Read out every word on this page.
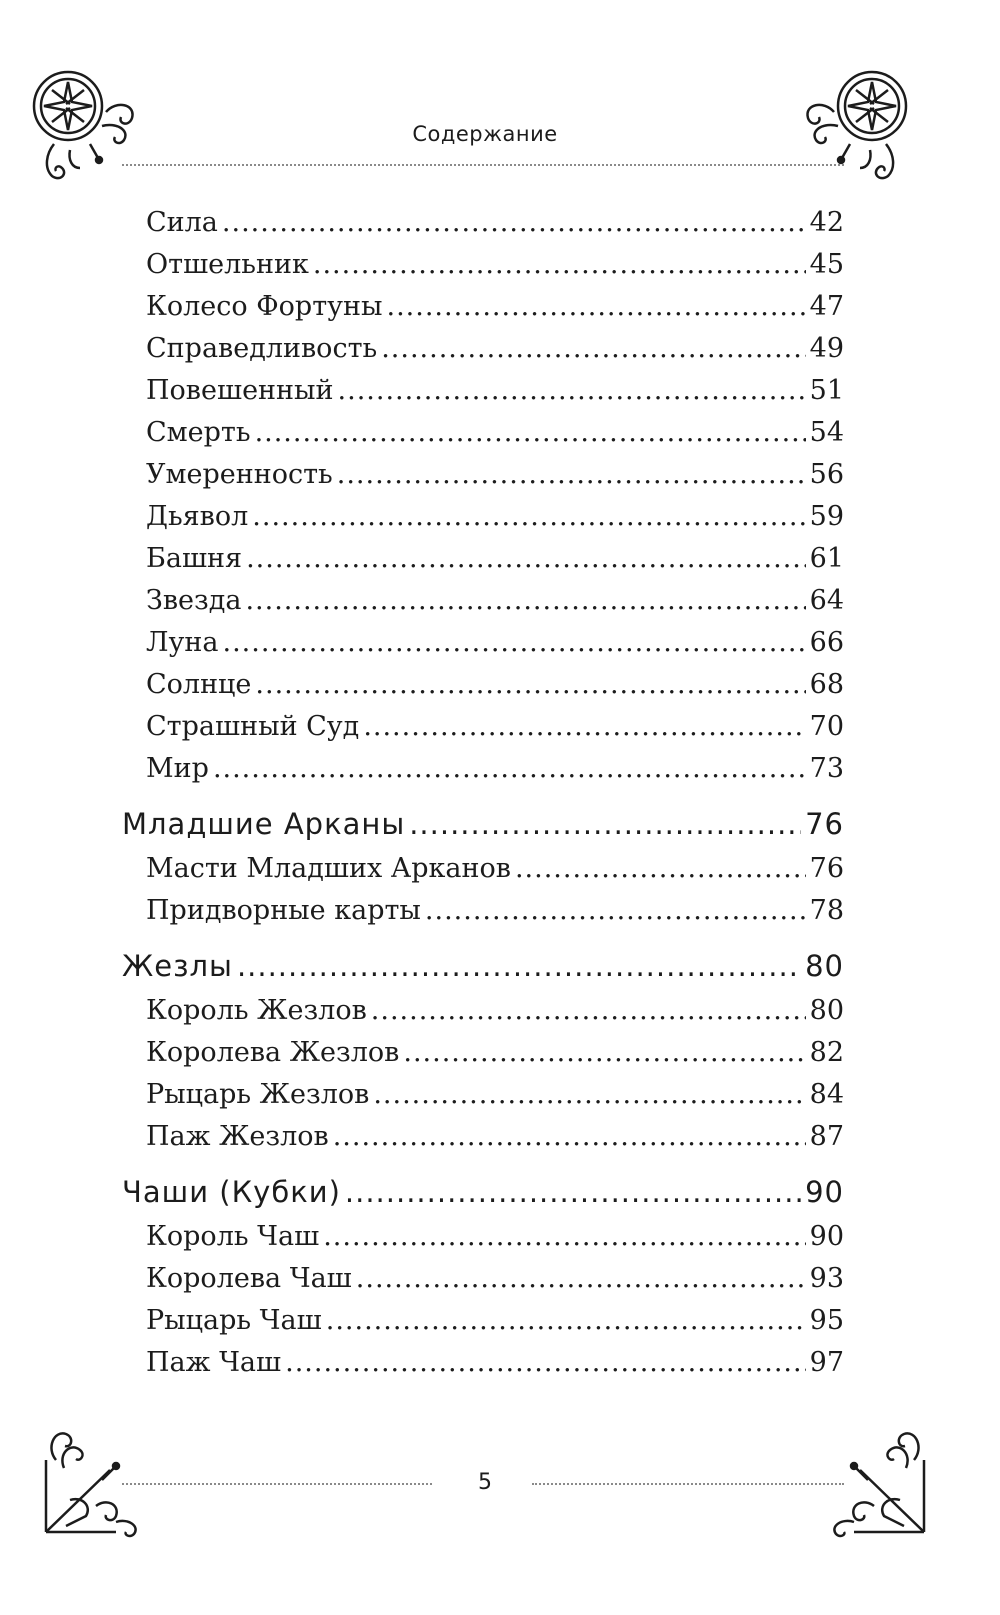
Содержание
Сила .....	42
Отшельник .....	45
Колесо Фортуны .....	47
Справедливость .....	49
Повешенный .....	51
Смерть .....	54
Умеренность .....	56
Дьявол .....	59
Башня .....	61
Звезда .....	64
Луна .....	66
Солнце .....	68
Страшный Суд .....	70
Мир .....	73
Младшие Арканы .....	76
Масти Младших Арканов .....	76
Придворные карты .....	78
Жезлы .....	80
Король Жезлов .....	80
Королева Жезлов .....	82
Рыцарь Жезлов .....	84
Паж Жезлов .....	87
Чаши (Кубки) .....	90
Король Чаш .....	90
Королева Чаш .....	93
Рыцарь Чаш .....	95
Паж Чаш .....	97
5
